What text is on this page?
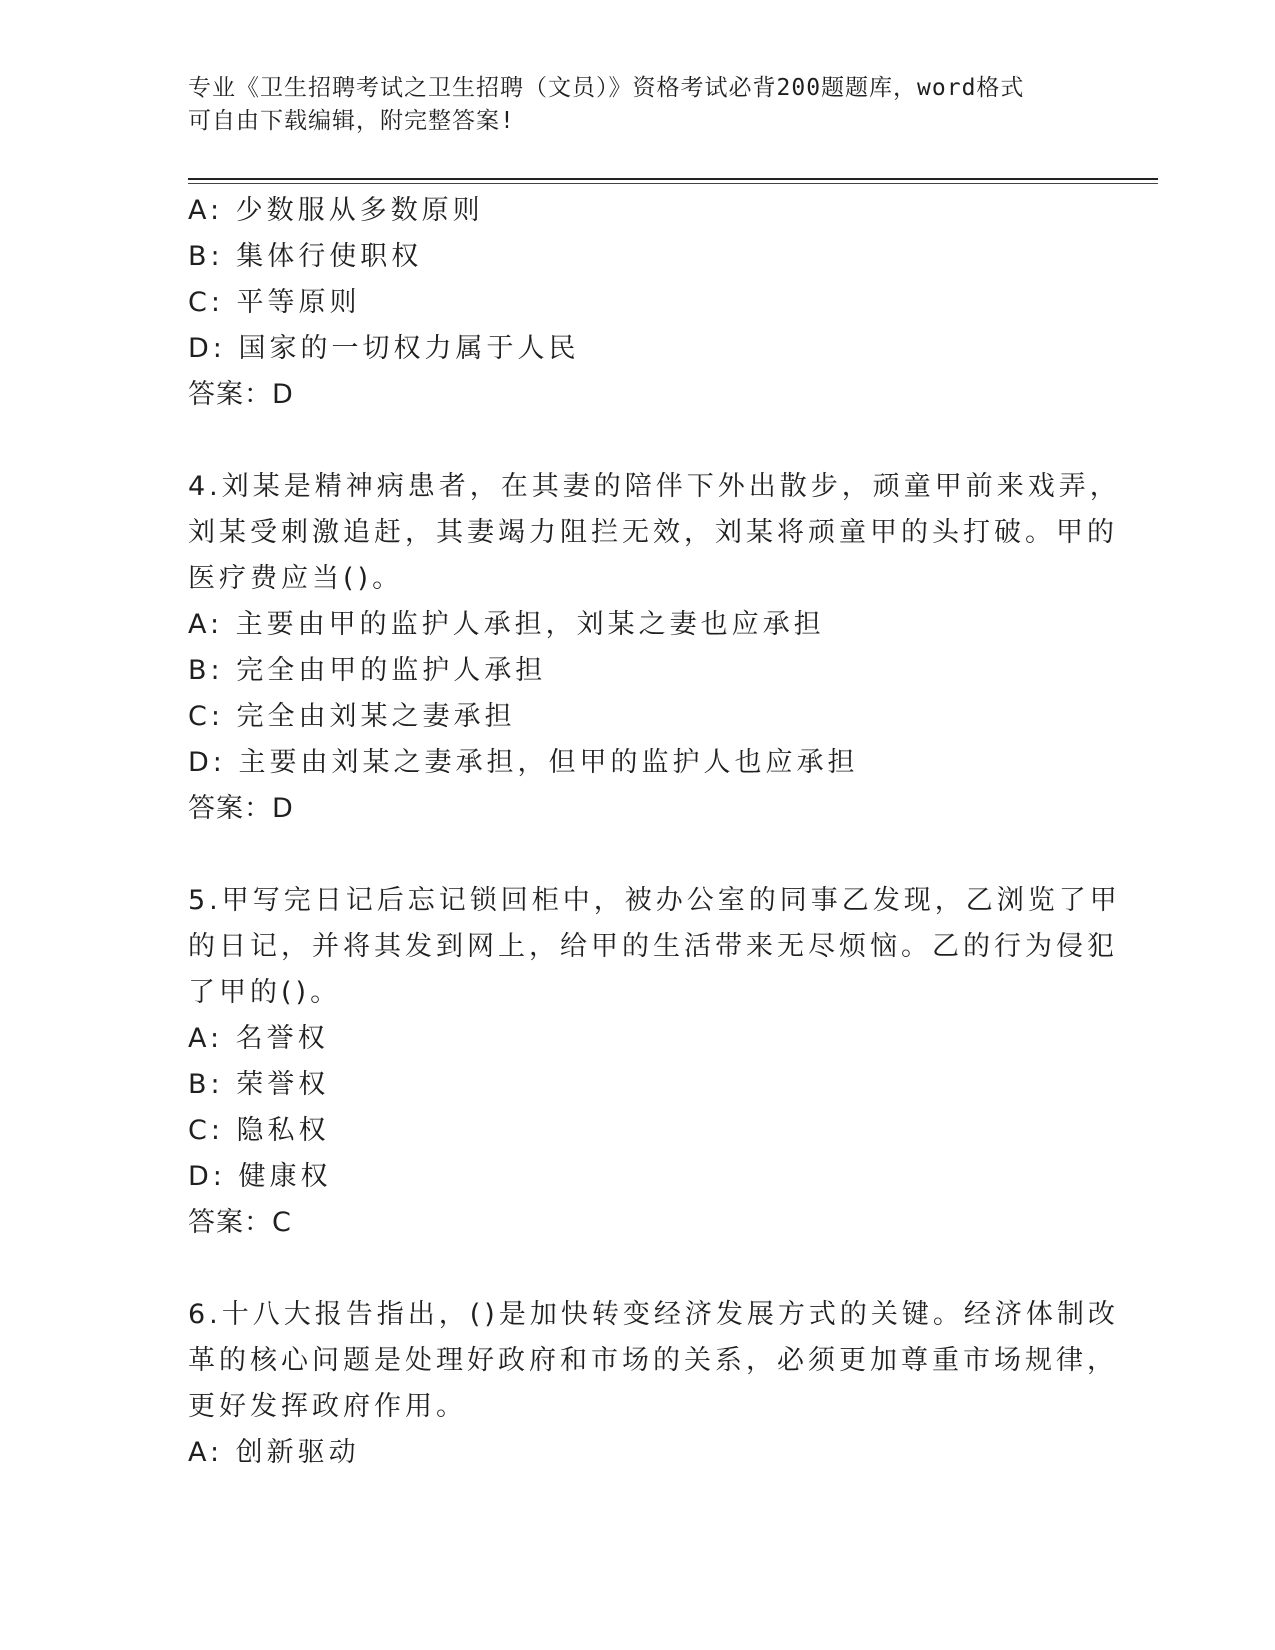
专业《卫生招聘考试之卫生招聘（文员）》资格考试必背200题题库，word格式
可自由下载编辑，附完整答案!
A: 少数服从多数原则
B: 集体行使职权
C: 平等原则
D: 国家的一切权力属于人民
答案：D
4.刘某是精神病患者，在其妻的陪伴下外出散步，顽童甲前来戏弄，
刘某受刺激追赶，其妻竭力阻拦无效，刘某将顽童甲的头打破。甲的
医疗费应当()。
A: 主要由甲的监护人承担，刘某之妻也应承担
B: 完全由甲的监护人承担
C: 完全由刘某之妻承担
D: 主要由刘某之妻承担，但甲的监护人也应承担
答案：D
5.甲写完日记后忘记锁回柜中，被办公室的同事乙发现，乙浏览了甲
的日记，并将其发到网上，给甲的生活带来无尽烦恼。乙的行为侵犯
了甲的()。
A: 名誉权
B: 荣誉权
C: 隐私权
D: 健康权
答案：C
6.十八大报告指出，()是加快转变经济发展方式的关键。经济体制改
革的核心问题是处理好政府和市场的关系，必须更加尊重市场规律，
更好发挥政府作用。
A: 创新驱动
